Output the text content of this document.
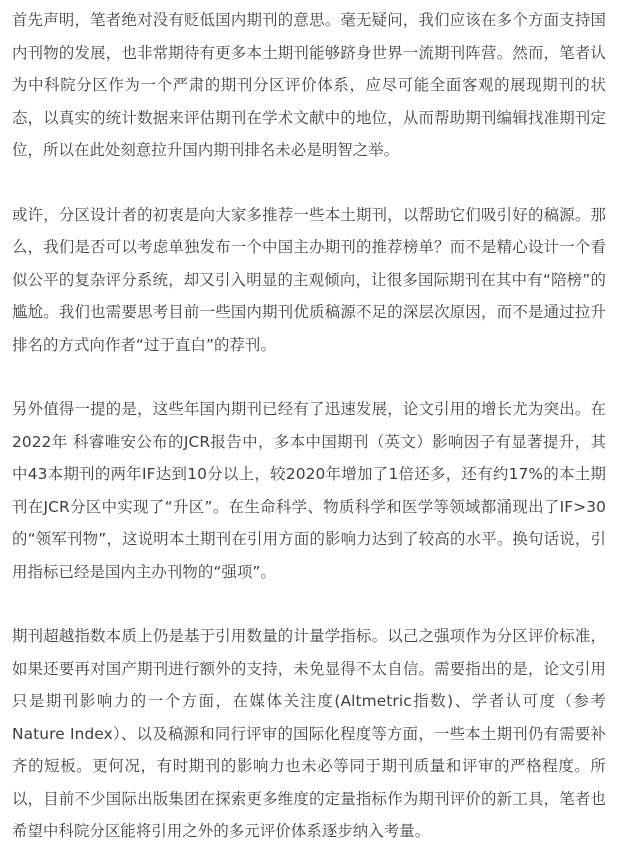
首先声明，笔者绝对没有贬低国内期刊的意思。毫无疑问，我们应该在多个方面支持国内刊物的发展，也非常期待有更多本土期刊能够跻身世界一流期刊阵营。然而，笔者认为中科院分区作为一个严肃的期刊分区评价体系，应尽可能全面客观的展现期刊的状态，以真实的统计数据来评估期刊在学术文献中的地位，从而帮助期刊编辑找准期刊定位，所以在此处刻意拉升国内期刊排名未必是明智之举。

或许，分区设计者的初衷是向大家多推荐一些本土期刊，以帮助它们吸引好的稿源。那么，我们是否可以考虑单独发布一个中国主办期刊的推荐榜单？而不是精心设计一个看似公平的复杂评分系统，却又引入明显的主观倾向，让很多国际期刊在其中有“陪榜”的尴尬。我们也需要思考目前一些国内期刊优质稿源不足的深层次原因，而不是通过拉升排名的方式向作者“过于直白”的荐刊。

另外值得一提的是，这些年国内期刊已经有了迅速发展，论文引用的增长尤为突出。在2022年 科睿唯安公布的JCR报告中，多本中国期刊（英文）影响因子有显著提升，其中43本期刊的两年IF达到10分以上，较2020年增加了1倍还多，还有约17%的本土期刊在JCR分区中实现了“升区”。在生命科学、物质科学和医学等领域都涌现出了IF>30的“领军刊物”，这说明本土期刊在引用方面的影响力达到了较高的水平。换句话说，引用指标已经是国内主办刊物的“强项”。

期刊超越指数本质上仍是基于引用数量的计量学指标。以己之强项作为分区评价标准，如果还要再对国产期刊进行额外的支持，未免显得不太自信。需要指出的是，论文引用只是期刊影响力的一个方面，在媒体关注度(Altmetric指数)、学者认可度（参考Nature Index）、以及稿源和同行评审的国际化程度等方面，一些本土期刊仍有需要补齐的短板。更何况，有时期刊的影响力也未必等同于期刊质量和评审的严格程度。所以，目前不少国际出版集团在探索更多维度的定量指标作为期刊评价的新工具，笔者也希望中科院分区能将引用之外的多元评价体系逐步纳入考量。
